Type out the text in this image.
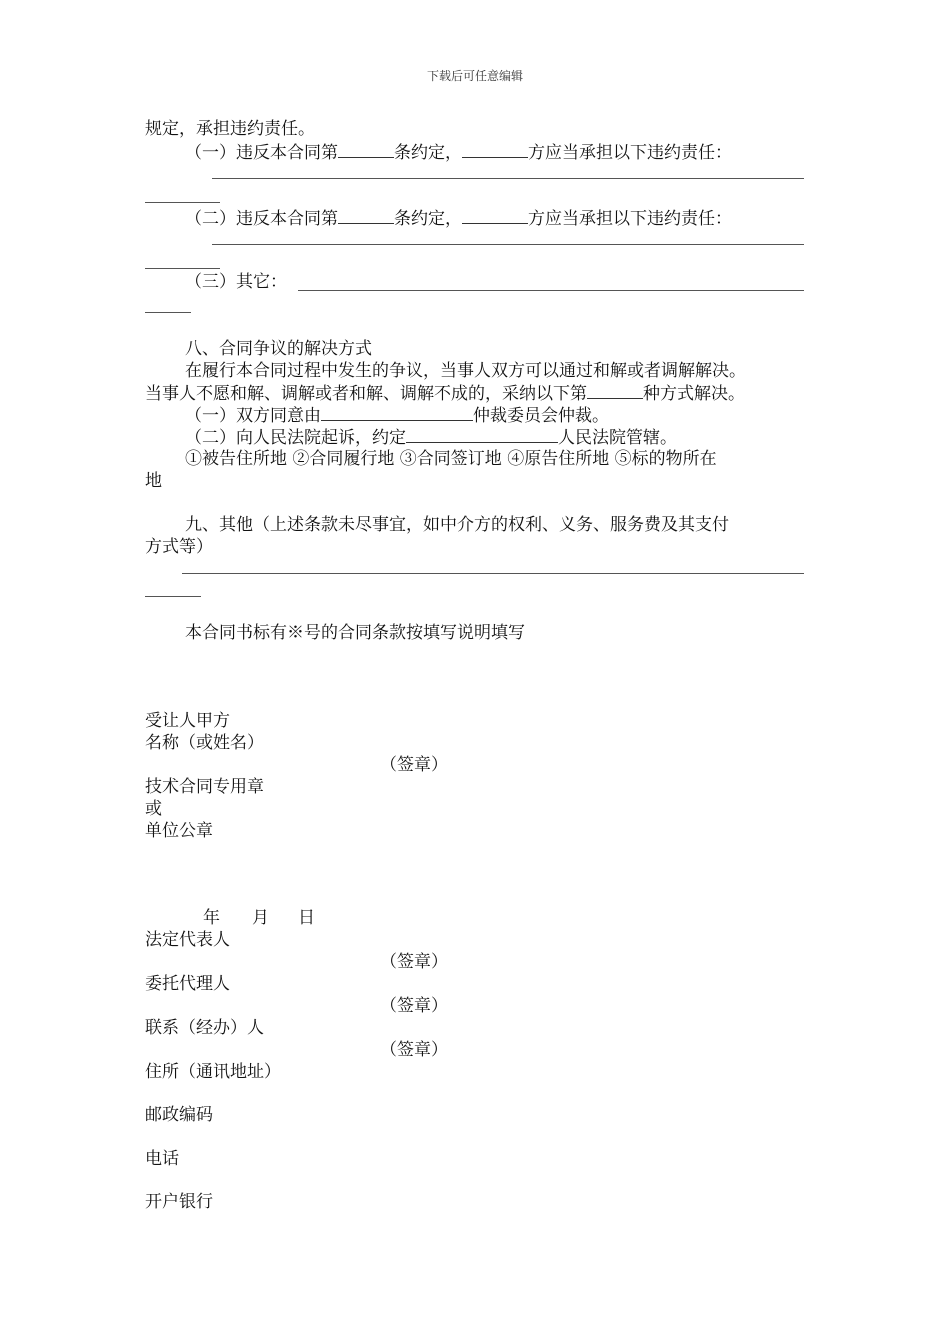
下载后可任意编辑
规定，承担违约责任。
（一）违反本合同第	条约定，	方应当承担以下违约责任：
（二）违反本合同第	条约定，	方应当承担以下违约责任：
（三）其它：
八、合同争议的解决方式
在履行本合同过程中发生的争议，当事人双方可以通过和解或者调解解决。
当事人不愿和解、调解或者和解、调解不成的，采纳以下第	种方式解决。
（一）双方同意由	仲裁委员会仲裁。
（二）向人民法院起诉，约定	人民法院管辖。
①被告住所地 ②合同履行地 ③合同签订地 ④原告住所地 ⑤标的物所在
地
九、其他（上述条款未尽事宜，如中介方的权利、义务、服务费及其支付
方式等）
本合同书标有※号的合同条款按填写说明填写
受让人甲方
名称（或姓名）
（签章）
技术合同专用章
或
单位公章
年 月 日
法定代表人
（签章）
委托代理人
（签章）
联系（经办）人
（签章）
住所（通讯地址）
邮政编码
电话
开户银行
